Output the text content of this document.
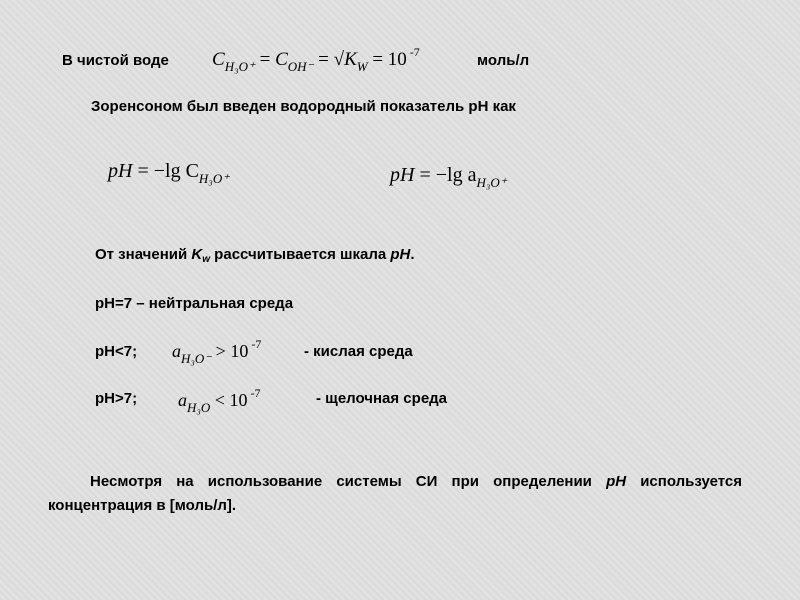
В чистой воде $C_{H_3O^+} = C_{OH^-} = √K_W = 10$ $^{-7}$	моль/л
Зоренсоном был введен водородный показатель рН как
pH = −lg $C_{H_3O^+}$	pH = −lg $a_{H_3O^+}$
От значений $K_w$ рассчитывается шкала pH.
рН=7 – нейтральная среда
рН<7; $a_{H_3O^-} > 10$ $^{-7}$	- кислая среда
рН>7; $a_{H_3O} < 10$ $^{-7}$	- щелочная среда
Несмотря на использование системы СИ при определении pH используется концентрация в [моль/л].
